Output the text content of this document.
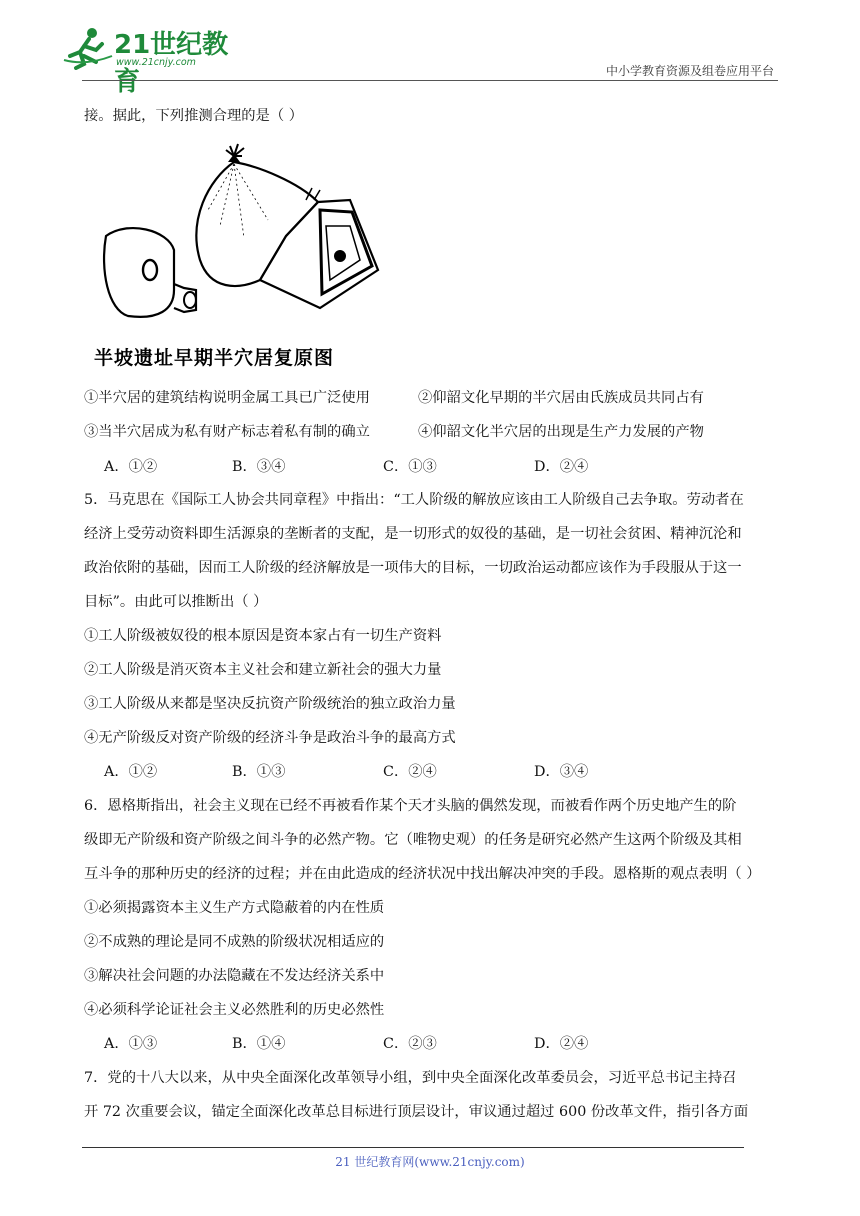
21世纪教育
www.21cnjy.com
中小学教育资源及组卷应用平台
接。据此，下列推测合理的是（ ）
半坡遗址早期半穴居复原图
①半穴居的建筑结构说明金属工具已广泛使用	②仰韶文化早期的半穴居由氏族成员共同占有
③当半穴居成为私有财产标志着私有制的确立	④仰韶文化半穴居的出现是生产力发展的产物
A．①②	B．③④	C．①③	D．②④
5．马克思在《国际工人协会共同章程》中指出：“工人阶级的解放应该由工人阶级自己去争取。劳动者在
经济上受劳动资料即生活源泉的垄断者的支配，是一切形式的奴役的基础，是一切社会贫困、精神沉沦和
政治依附的基础，因而工人阶级的经济解放是一项伟大的目标，一切政治运动都应该作为手段服从于这一
目标”。由此可以推断出（ ）
①工人阶级被奴役的根本原因是资本家占有一切生产资料
②工人阶级是消灭资本主义社会和建立新社会的强大力量
③工人阶级从来都是坚决反抗资产阶级统治的独立政治力量
④无产阶级反对资产阶级的经济斗争是政治斗争的最高方式
A．①②	B．①③	C．②④	D．③④
6．恩格斯指出，社会主义现在已经不再被看作某个天才头脑的偶然发现，而被看作两个历史地产生的阶
级即无产阶级和资产阶级之间斗争的必然产物。它（唯物史观）的任务是研究必然产生这两个阶级及其相
互斗争的那种历史的经济的过程；并在由此造成的经济状况中找出解决冲突的手段。恩格斯的观点表明（ ）
①必须揭露资本主义生产方式隐蔽着的内在性质
②不成熟的理论是同不成熟的阶级状况相适应的
③解决社会问题的办法隐藏在不发达经济关系中
④必须科学论证社会主义必然胜利的历史必然性
A．①③	B．①④	C．②③	D．②④
7．党的十八大以来，从中央全面深化改革领导小组，到中央全面深化改革委员会，习近平总书记主持召
开 72 次重要会议，锚定全面深化改革总目标进行顶层设计，审议通过超过 600 份改革文件，指引各方面
21 世纪教育网(www.21cnjy.com)
